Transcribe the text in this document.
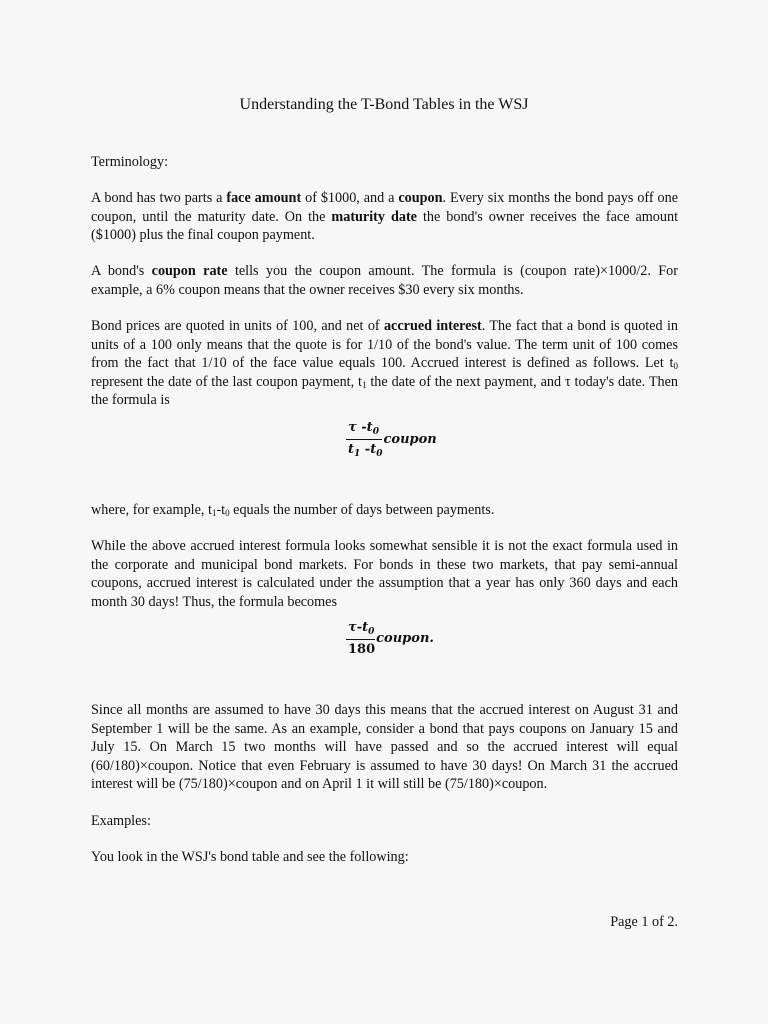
Understanding the T-Bond Tables in the WSJ

Terminology:

A bond has two parts a face amount of $1000, and a coupon. Every six months the bond pays off one coupon, until the maturity date. On the maturity date the bond's owner receives the face amount ($1000) plus the final coupon payment.

A bond's coupon rate tells you the coupon amount. The formula is (coupon rate)×1000/2. For example, a 6% coupon means that the owner receives $30 every six months.

Bond prices are quoted in units of 100, and net of accrued interest. The fact that a bond is quoted in units of a 100 only means that the quote is for 1/10 of the bond's value. The term unit of 100 comes from the fact that 1/10 of the face value equals 100. Accrued interest is defined as follows. Let $t_0$ represent the date of the last coupon payment, $t_1$ the date of the next payment, and τ today's date. Then the formula is

$\frac{\tau -t_0}{t_1 -t_0}$ coupon

where, for example, $t_1-t_0$ equals the number of days between payments.

While the above accrued interest formula looks somewhat sensible it is not the exact formula used in the corporate and municipal bond markets. For bonds in these two markets, that pay semi-annual coupons, accrued interest is calculated under the assumption that a year has only 360 days and each month 30 days! Thus, the formula becomes

$\frac{\tau-t_0}{180}$ coupon.

Since all months are assumed to have 30 days this means that the accrued interest on August 31 and September 1 will be the same. As an example, consider a bond that pays coupons on January 15 and July 15. On March 15 two months will have passed and so the accrued interest will equal (60/180)×coupon. Notice that even February is assumed to have 30 days! On March 31 the accrued interest will be (75/180)×coupon and on April 1 it will still be (75/180)×coupon.

Examples:

You look in the WSJ's bond table and see the following:

Page 1 of 2.
